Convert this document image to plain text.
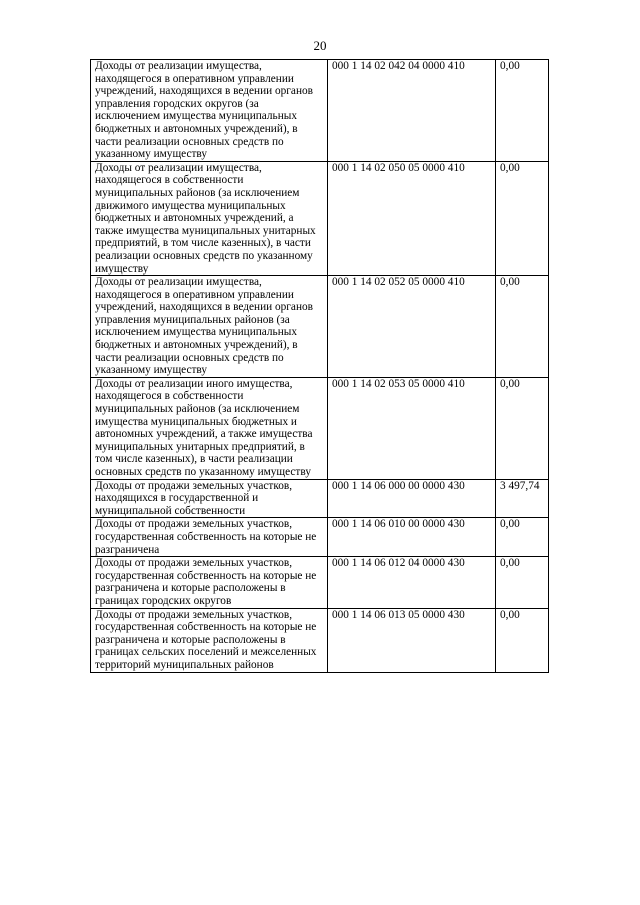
20
Доходы от реализации имущества, находящегося в оперативном управлении учреждений, находящихся в ведении органов управления городских округов (за исключением имущества муниципальных бюджетных и автономных учреждений), в части реализации основных средств по указанному имуществу	000 1 14 02 042 04 0000 410	0,00
Доходы от реализации имущества, находящегося в собственности муниципальных районов (за исключением движимого имущества муниципальных бюджетных и автономных учреждений, а также имущества муниципальных унитарных предприятий, в том числе казенных), в части реализации основных средств по указанному имуществу	000 1 14 02 050 05 0000 410	0,00
Доходы от реализации имущества, находящегося в оперативном управлении учреждений, находящихся в ведении органов управления муниципальных районов (за исключением имущества муниципальных бюджетных и автономных учреждений), в части реализации основных средств по указанному имуществу	000 1 14 02 052 05 0000 410	0,00
Доходы от реализации иного имущества, находящегося в собственности муниципальных районов (за исключением имущества муниципальных бюджетных и автономных учреждений, а также имущества муниципальных унитарных предприятий, в том числе казенных), в части реализации основных средств по указанному имуществу	000 1 14 02 053 05 0000 410	0,00
Доходы от продажи земельных участков, находящихся в государственной и муниципальной собственности	000 1 14 06 000 00 0000 430	3 497,74
Доходы от продажи земельных участков, государственная собственность на которые не разграничена	000 1 14 06 010 00 0000 430	0,00
Доходы от продажи земельных участков, государственная собственность на которые не разграничена и которые расположены в границах городских округов	000 1 14 06 012 04 0000 430	0,00
Доходы от продажи земельных участков, государственная собственность на которые не разграничена и которые расположены в границах сельских поселений и межселенных территорий муниципальных районов	000 1 14 06 013 05 0000 430	0,00
